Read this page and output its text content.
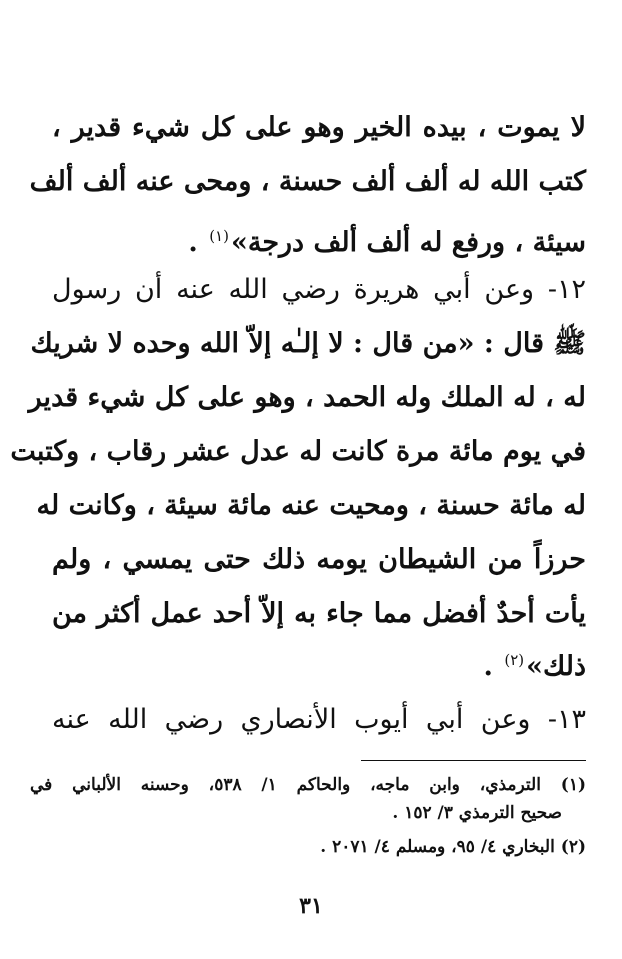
لا يموت ، بيده الخير وهو على كل شيء قدير ،

كتب الله له ألف ألف حسنة ، ومحى عنه ألف ألف

سيئة ، ورفع له ألف ألف درجة»$^{(١)}$ .

١٢- وعن أبي هريرة رضي الله عنه أن رسول

ﷺ قال : «من قال : لا إلـٰه إلاّ الله وحده لا شريك

له ، له الملك وله الحمد ، وهو على كل شيء قدير

في يوم مائة مرة كانت له عدل عشر رقاب ، وكتبت

له مائة حسنة ، ومحيت عنه مائة سيئة ، وكانت له

حرزاً من الشيطان يومه ذلك حتى يمسي ، ولم

يأت أحدٌ أفضل مما جاء به إلاّ أحد عمل أكثر من

ذلك»$^{(٢)}$ .

١٣- وعن أبي أيوب الأنصاري رضي الله عنه

(١) الترمذي، وابن ماجه، والحاكم ١/ ٥٣٨، وحسنه الألباني في

صحيح الترمذي ٣/ ١٥٢ .

(٢) البخاري ٤/ ٩٥، ومسلم ٤/ ٢٠٧١ .

٣١
